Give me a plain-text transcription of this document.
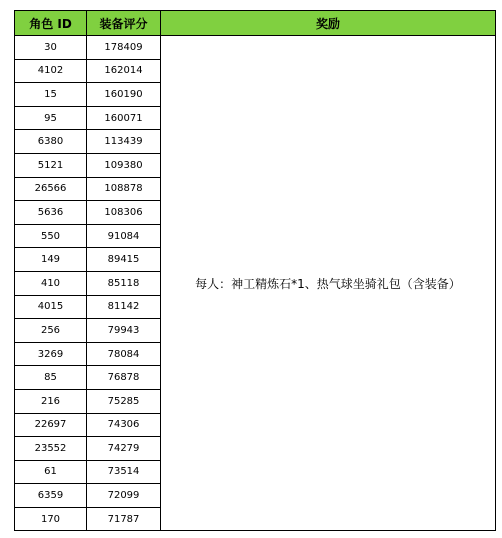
角色 ID	装备评分	奖励
30	178409	每人：神工精炼石*1、热气球坐骑礼包（含装备）
4102	162014	
15	160190	
95	160071	
6380	113439	
5121	109380	
26566	108878	
5636	108306	
550	91084	
149	89415	
410	85118	
4015	81142	
256	79943	
3269	78084	
85	76878	
216	75285	
22697	74306	
23552	74279	
61	73514	
6359	72099	
170	71787	
